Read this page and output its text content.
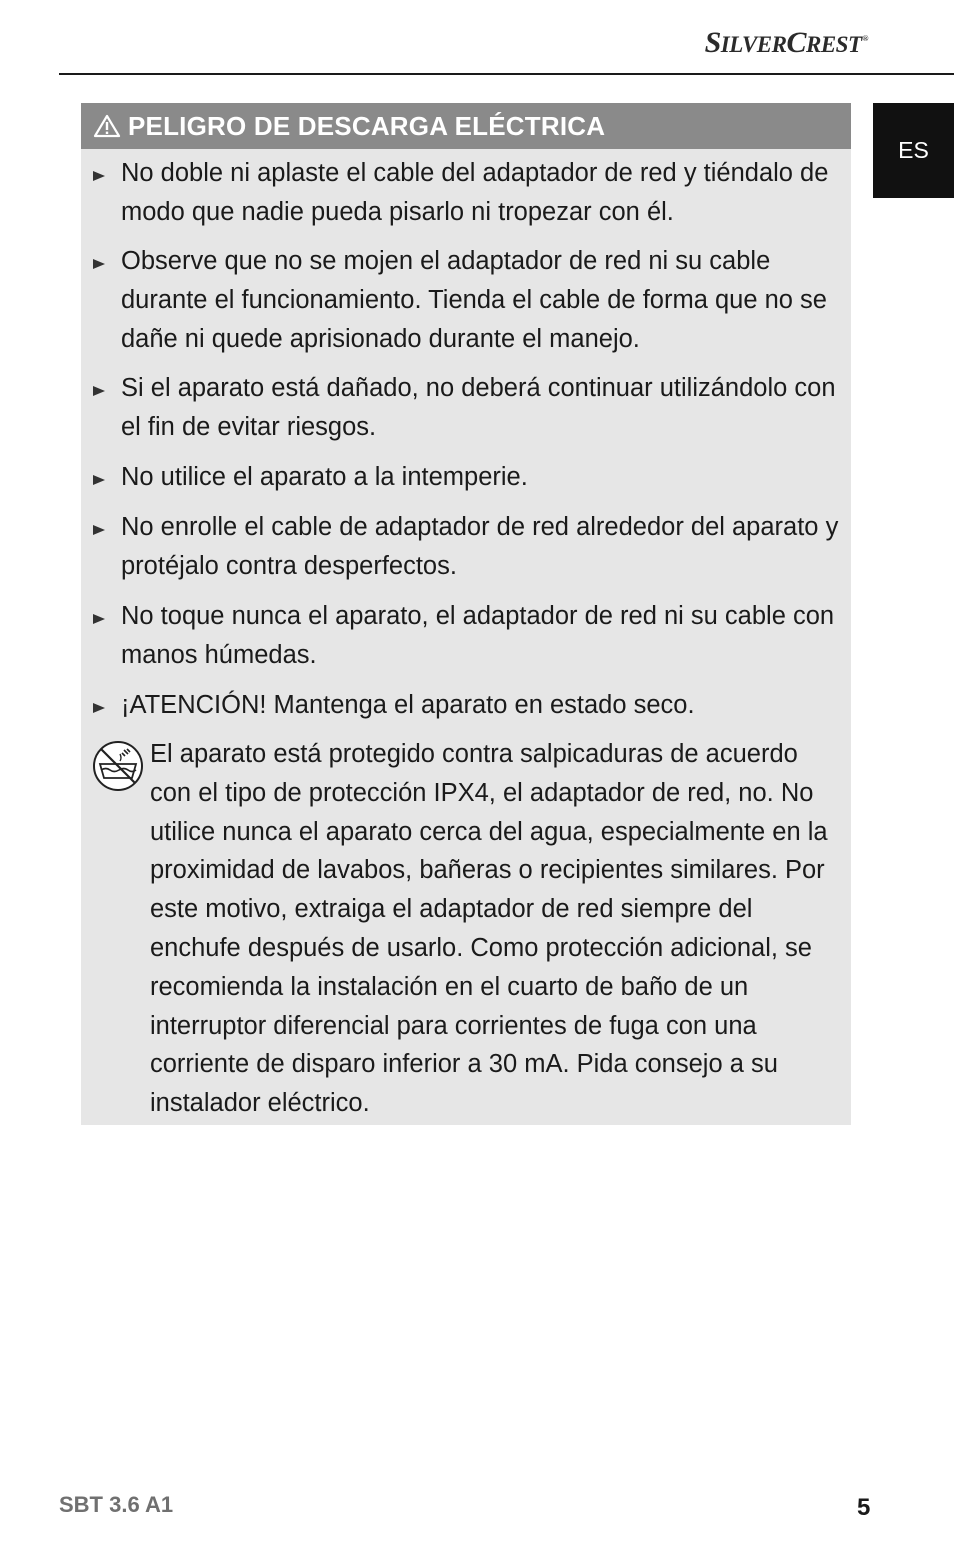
SILVERCREST®
ES
PELIGRO DE DESCARGA ELÉCTRICA
No doble ni aplaste el cable del adaptador de red y tiéndalo de modo que nadie pueda pisarlo ni tropezar con él.
Observe que no se mojen el adaptador de red ni su cable durante el funcionamiento. Tienda el cable de forma que no se dañe ni quede aprisionado durante el manejo.
Si el aparato está dañado, no deberá continuar utilizándolo con el fin de evitar riesgos.
No utilice el aparato a la intemperie.
No enrolle el cable de adaptador de red alrededor del aparato y protéjalo contra desperfectos.
No toque nunca el aparato, el adaptador de red ni su cable con manos húmedas.
¡ATENCIÓN! Mantenga el aparato en estado seco.

El aparato está protegido contra salpicaduras de acuerdo con el tipo de protección IPX4, el adaptador de red, no. No utilice nunca el aparato cerca del agua, especialmente en la proximidad de lavabos, bañeras o recipientes similares. Por este motivo, extraiga el adaptador de red siempre del enchufe después de usarlo. Como protección adicional, se recomienda la instalación en el cuarto de baño de un interruptor diferencial para corrientes de fuga con una corriente de disparo inferior a 30 mA. Pida consejo a su instalador eléctrico.

SBT 3.6 A1	5
